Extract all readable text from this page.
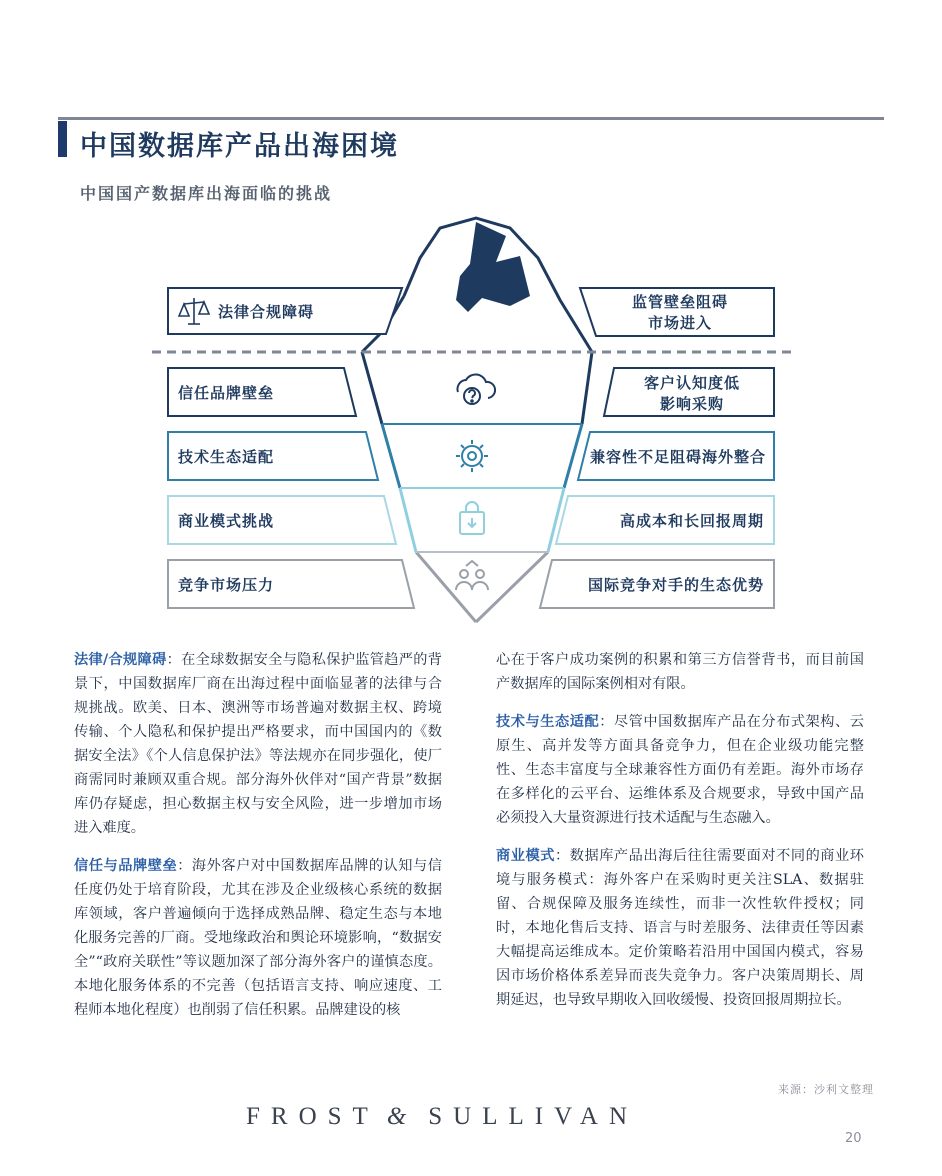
中国数据库产品出海困境
中国国产数据库出海面临的挑战
法律合规障碍
信任品牌壁垒
技术生态适配
商业模式挑战
竞争市场压力
监管壁垒阻碍
市场进入
客户认知度低
影响采购
兼容性不足阻碍海外整合
高成本和长回报周期
国际竞争对手的生态优势

法律/合规障碍：在全球数据安全与隐私保护监管趋严的背景下，中国数据库厂商在出海过程中面临显著的法律与合规挑战。欧美、日本、澳洲等市场普遍对数据主权、跨境传输、个人隐私和保护提出严格要求，而中国国内的《数据安全法》《个人信息保护法》等法规亦在同步强化，使厂商需同时兼顾双重合规。部分海外伙伴对“国产背景”数据库仍存疑虑，担心数据主权与安全风险，进一步增加市场进入难度。

信任与品牌壁垒：海外客户对中国数据库品牌的认知与信任度仍处于培育阶段，尤其在涉及企业级核心系统的数据库领域，客户普遍倾向于选择成熟品牌、稳定生态与本地化服务完善的厂商。受地缘政治和舆论环境影响，“数据安全”“政府关联性”等议题加深了部分海外客户的谨慎态度。本地化服务体系的不完善（包括语言支持、响应速度、工程师本地化程度）也削弱了信任积累。品牌建设的核

心在于客户成功案例的积累和第三方信誉背书，而目前国产数据库的国际案例相对有限。

技术与生态适配：尽管中国数据库产品在分布式架构、云原生、高并发等方面具备竞争力，但在企业级功能完整性、生态丰富度与全球兼容性方面仍有差距。海外市场存在多样化的云平台、运维体系及合规要求，导致中国产品必须投入大量资源进行技术适配与生态融入。

商业模式：数据库产品出海后往往需要面对不同的商业环境与服务模式：海外客户在采购时更关注SLA、数据驻留、合规保障及服务连续性，而非一次性软件授权；同时，本地化售后支持、语言与时差服务、法律责任等因素大幅提高运维成本。定价策略若沿用中国国内模式，容易因市场价格体系差异而丧失竞争力。客户决策周期长、周期延迟，也导致早期收入回收缓慢、投资回报周期拉长。

来源：沙利文整理
FROST & SULLIVAN
20
